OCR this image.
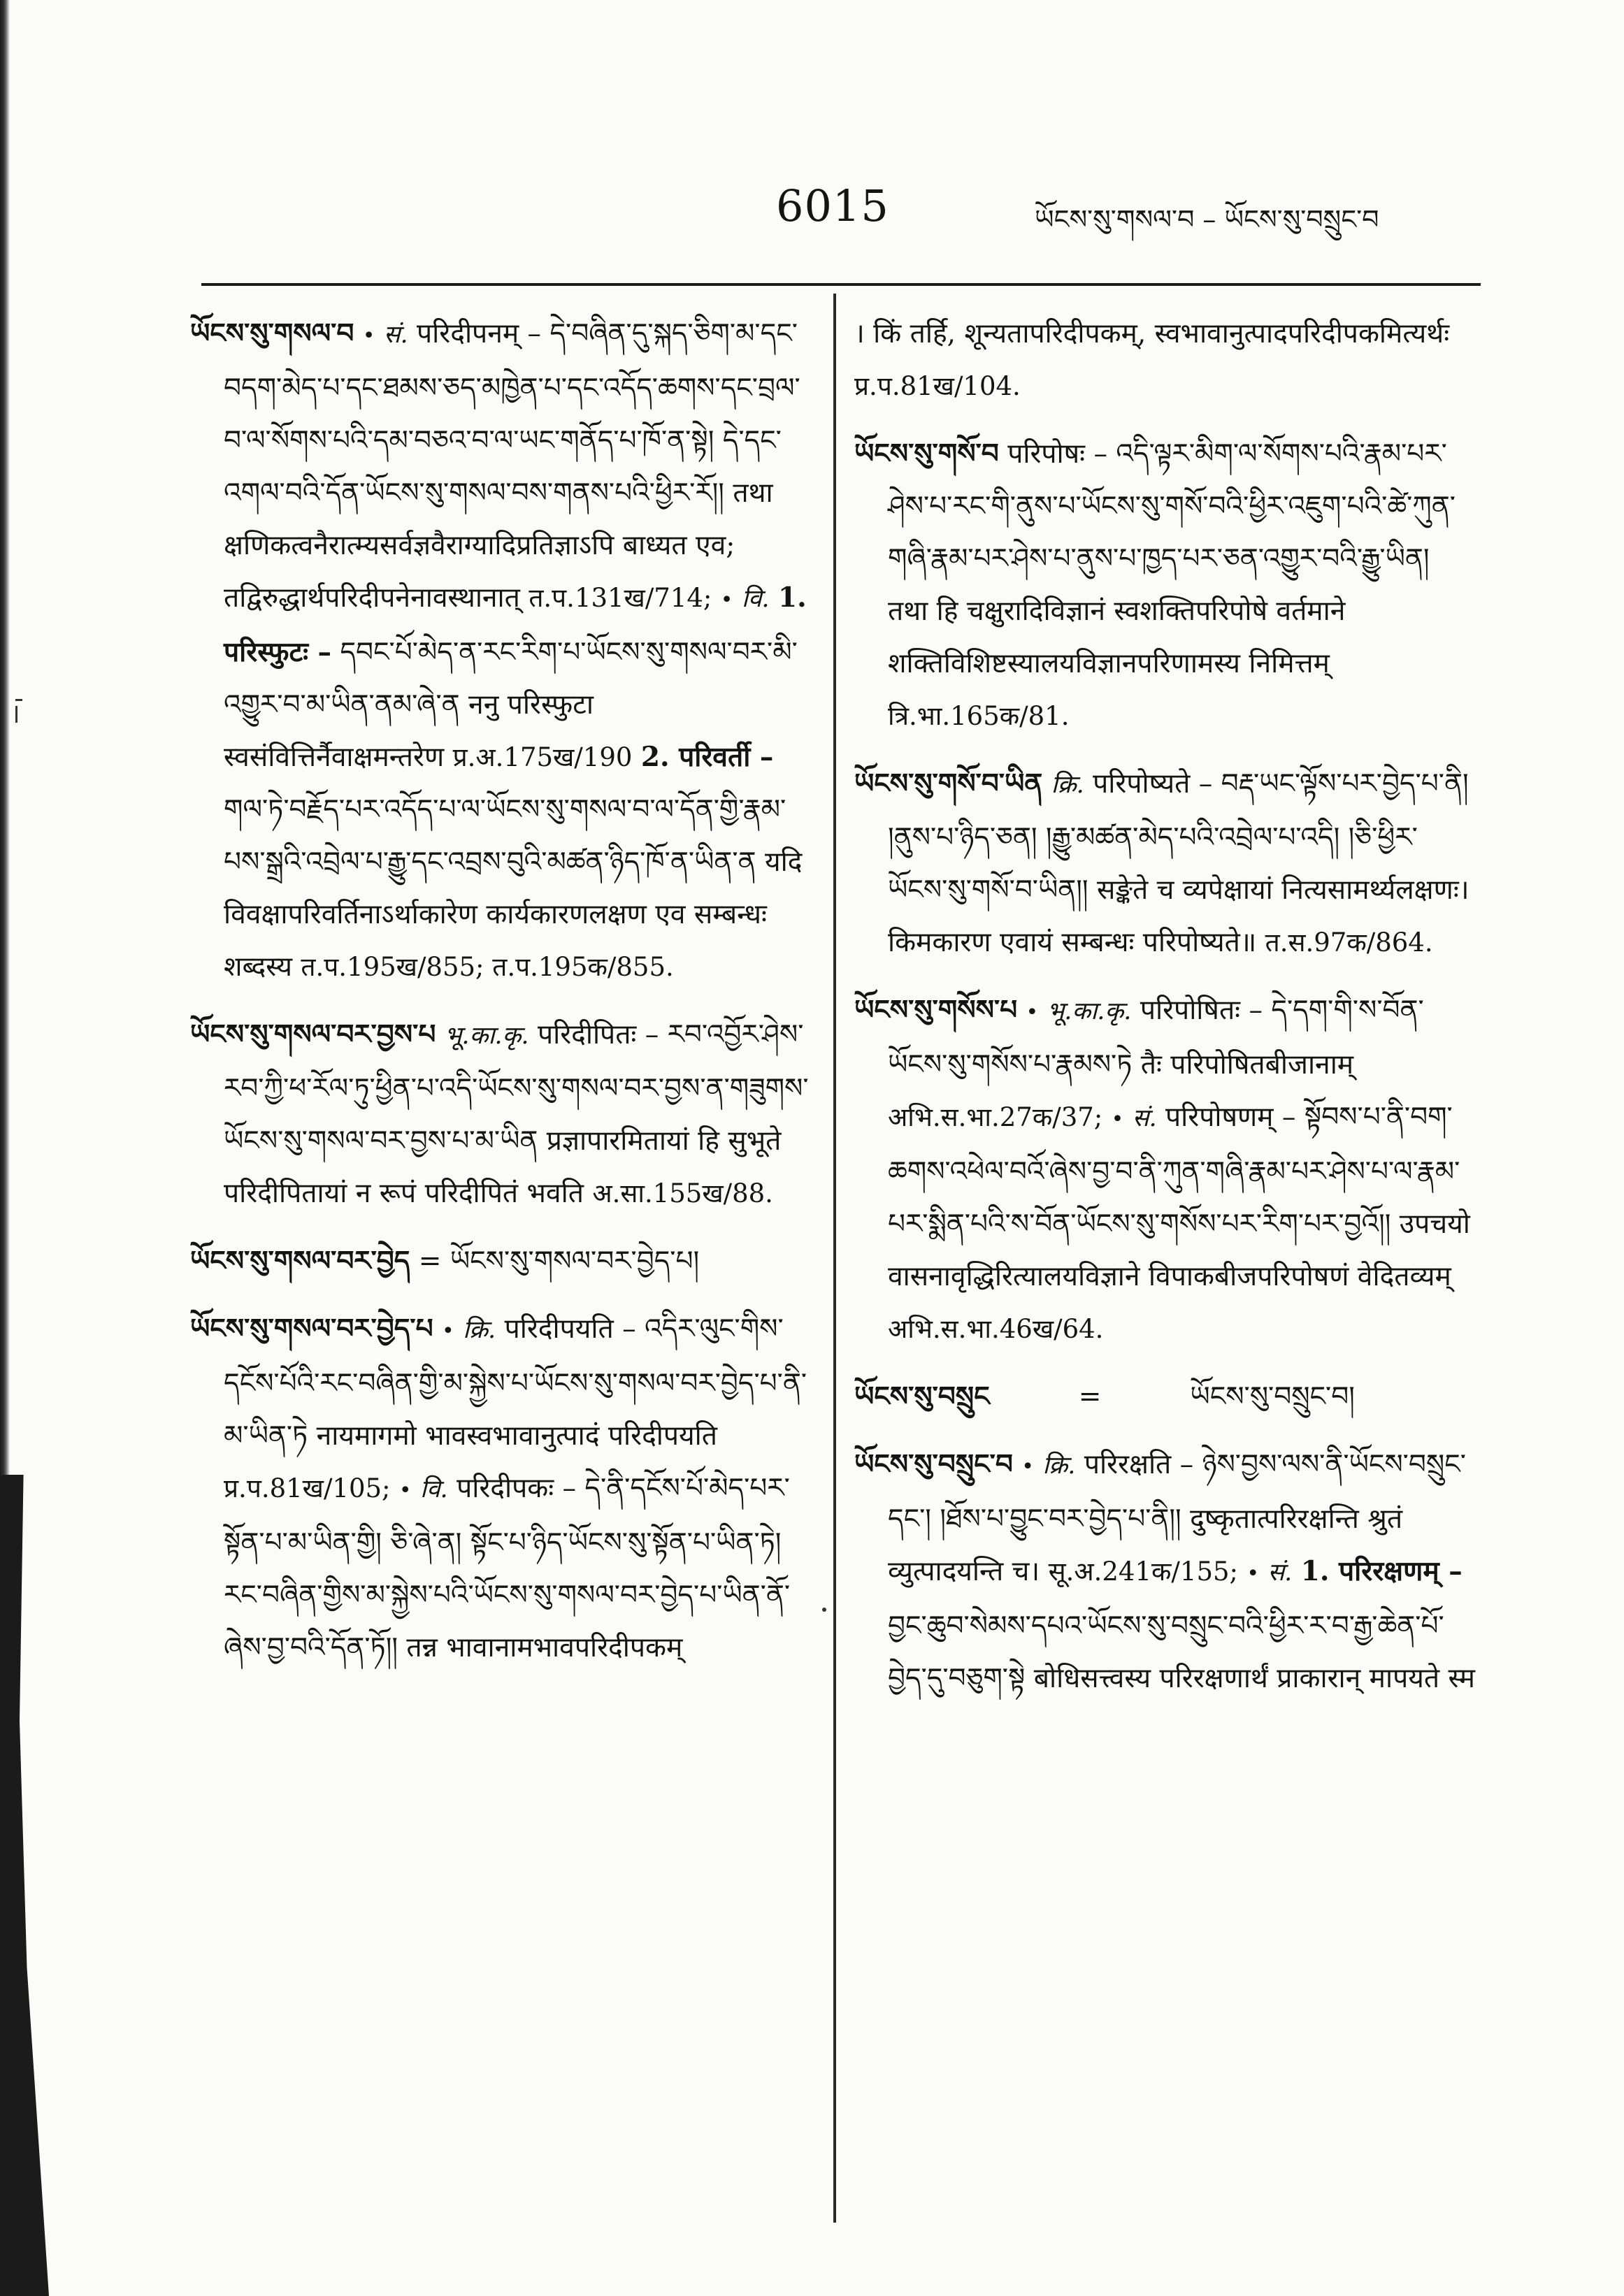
6015	ཡོངས་སུ་གསལ་བ – ཡོངས་སུ་བསྲུང་བ

ཡོངས་སུ་གསལ་བ • सं. परिदीपनम् – དེ་བཞིན་དུ་སྐད་ཅིག་མ་དང་བདག་མེད་པ་དང་ཐམས་ཅད་མཁྱེན་པ་དང་འདོད་ཆགས་དང་བྲལ་བ་ལ་སོགས་པའི་དམ་བཅའ་བ་ལ་ཡང་གནོད་པ་ཁོ་ན་སྟེ། དེ་དང་འགལ་བའི་དོན་ཡོངས་སུ་གསལ་བས་གནས་པའི་ཕྱིར་རོ།། तथा क्षणिकत्वनैरात्म्यसर्वज्ञवैराग्यादिप्रतिज्ञाऽपि बाध्यत एव; तद्विरुद्धार्थपरिदीपनेनावस्थानात् त.प.131ख/714; • वि. 1. परिस्फुटः – དབང་པོ་མེད་ན་རང་རིག་པ་ཡོངས་སུ་གསལ་བར་མི་འགྱུར་བ་མ་ཡིན་ནམ་ཞེ་ན ननु परिस्फुटा स्वसंवित्तिर्नैवाक्षमन्तरेण प्र.अ.175ख/190 2. परिवर्ती – གལ་ཏེ་བརྗོད་པར་འདོད་པ་ལ་ཡོངས་སུ་གསལ་བ་ལ་དོན་གྱི་རྣམ་པས་སྒྲའི་འབྲེལ་པ་རྒྱུ་དང་འབྲས་བུའི་མཚན་ཉིད་ཁོ་ན་ཡིན་ན यदि विवक्षापरिवर्तिनाऽर्थाकारेण कार्यकारणलक्षण एव सम्बन्धः शब्दस्य त.प.195ख/855; त.प.195क/855.

ཡོངས་སུ་གསལ་བར་བྱས་པ भू.का.कृ. परिदीपितः – རབ་འབྱོར་ཤེས་རབ་ཀྱི་ཕ་རོལ་ཏུ་ཕྱིན་པ་འདི་ཡོངས་སུ་གསལ་བར་བྱས་ན་གཟུགས་ཡོངས་སུ་གསལ་བར་བྱས་པ་མ་ཡིན प्रज्ञापारमितायां हि सुभूते परिदीपितायां न रूपं परिदीपितं भवति अ.सा.155ख/88.

ཡོངས་སུ་གསལ་བར་བྱེད = ཡོངས་སུ་གསལ་བར་བྱེད་པ།

ཡོངས་སུ་གསལ་བར་བྱེད་པ • क्रि. परिदीपयति – འདིར་ལུང་གིས་དངོས་པོའི་རང་བཞིན་གྱི་མ་སྐྱེས་པ་ཡོངས་སུ་གསལ་བར་བྱེད་པ་ནི་མ་ཡིན་ཏེ नायमागमो भावस्वभावानुत्पादं परिदीपयति प्र.प.81ख/105; • वि. परिदीपकः – དེ་ནི་དངོས་པོ་མེད་པར་སྟོན་པ་མ་ཡིན་གྱི། ཅི་ཞེ་ན། སྟོང་པ་ཉིད་ཡོངས་སུ་སྟོན་པ་ཡིན་ཏེ། རང་བཞིན་གྱིས་མ་སྐྱེས་པའི་ཡོངས་སུ་གསལ་བར་བྱེད་པ་ཡིན་ནོ་ཞེས་བྱ་བའི་དོན་ཏོ།། तन्न भावानामभावपरिदीपकम्

। किं तर्हि, शून्यतापरिदीपकम्, स्वभावानुत्पादपरिदीपकमित्यर्थः प्र.प.81ख/104.

ཡོངས་སུ་གསོ་བ परिपोषः – འདི་ལྟར་མིག་ལ་སོགས་པའི་རྣམ་པར་ཤེས་པ་རང་གི་ནུས་པ་ཡོངས་སུ་གསོ་བའི་ཕྱིར་འཇུག་པའི་ཚེ་ཀུན་གཞི་རྣམ་པར་ཤེས་པ་ནུས་པ་ཁྱད་པར་ཅན་འགྱུར་བའི་རྒྱུ་ཡིན། तथा हि चक्षुरादिविज्ञानं स्वशक्तिपरिपोषे वर्तमाने शक्तिविशिष्टस्यालयविज्ञानपरिणामस्य निमित्तम् त्रि.भा.165क/81.

ཡོངས་སུ་གསོ་བ་ཡིན क्रि. परिपोष्यते – བརྡ་ཡང་ལྟོས་པར་བྱེད་པ་ནི། །ནུས་པ་ཉིད་ཅན། །རྒྱུ་མཚན་མེད་པའི་འབྲེལ་པ་འདི། །ཅི་ཕྱིར་ཡོངས་སུ་གསོ་བ་ཡིན།། सङ्केते च व्यपेक्षायां नित्यसामर्थ्यलक्षणः। किमकारण एवायं सम्बन्धः परिपोष्यते॥ त.स.97क/864.

ཡོངས་སུ་གསོས་པ • भू.का.कृ. परिपोषितः – དེ་དག་གི་ས་བོན་ཡོངས་སུ་གསོས་པ་རྣམས་ཏེ तैः परिपोषितबीजानाम् अभि.स.भा.27क/37; • सं. परिपोषणम् – སྟོབས་པ་ནི་བག་ཆགས་འཕེལ་བའོ་ཞེས་བྱ་བ་ནི་ཀུན་གཞི་རྣམ་པར་ཤེས་པ་ལ་རྣམ་པར་སྨིན་པའི་ས་བོན་ཡོངས་སུ་གསོས་པར་རིག་པར་བྱའོ།། उपचयो वासनावृद्धिरित्यालयविज्ञाने विपाकबीजपरिपोषणं वेदितव्यम् अभि.स.भा.46ख/64.

ཡོངས་སུ་བསྲུང	=	ཡོངས་སུ་བསྲུང་བ།

ཡོངས་སུ་བསྲུང་བ • क्रि. परिरक्षति – ཉེས་བྱས་ལས་ནི་ཡོངས་བསྲུང་དང་། །ཐོས་པ་བྱུང་བར་བྱེད་པ་ནི།། दुष्कृतात्परिरक्षन्ति श्रुतं व्युत्पादयन्ति च। सू.अ.241क/155; • सं. 1. परिरक्षणम् – བྱང་ཆུབ་སེམས་དཔའ་ཡོངས་སུ་བསྲུང་བའི་ཕྱིར་ར་བ་རྒྱ་ཆེན་པོ་བྱེད་དུ་བཅུག་སྟེ बोधिसत्त्वस्य परिरक्षणार्थं प्राकारान् मापयते स्म
